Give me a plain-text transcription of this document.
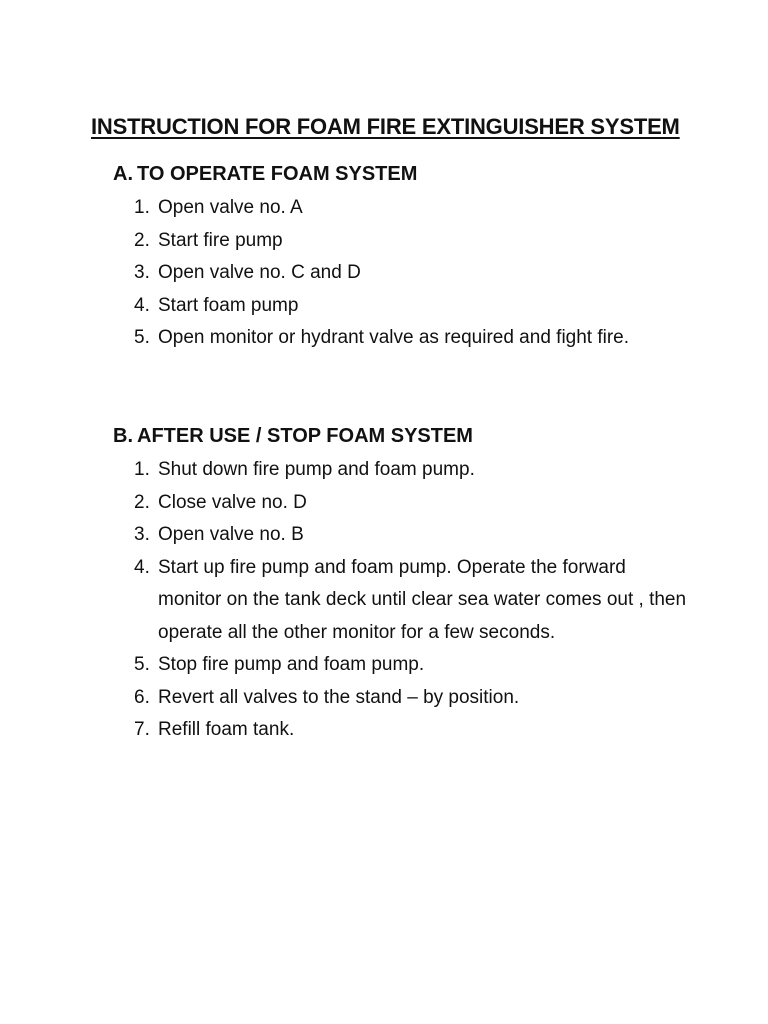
INSTRUCTION FOR FOAM FIRE EXTINGUISHER SYSTEM
A. TO OPERATE FOAM SYSTEM
1. Open valve no. A
2. Start fire pump
3. Open valve no. C and D
4. Start foam pump
5. Open monitor or hydrant valve as required and fight fire.
B. AFTER USE / STOP FOAM SYSTEM
1. Shut down fire pump and foam pump.
2. Close valve no. D
3. Open valve no. B
4. Start up fire pump and foam pump. Operate the forward monitor on the tank deck until clear sea water comes out , then operate all the other monitor for a few seconds.
5. Stop fire pump and foam pump.
6. Revert all valves to the stand – by position.
7. Refill foam tank.
